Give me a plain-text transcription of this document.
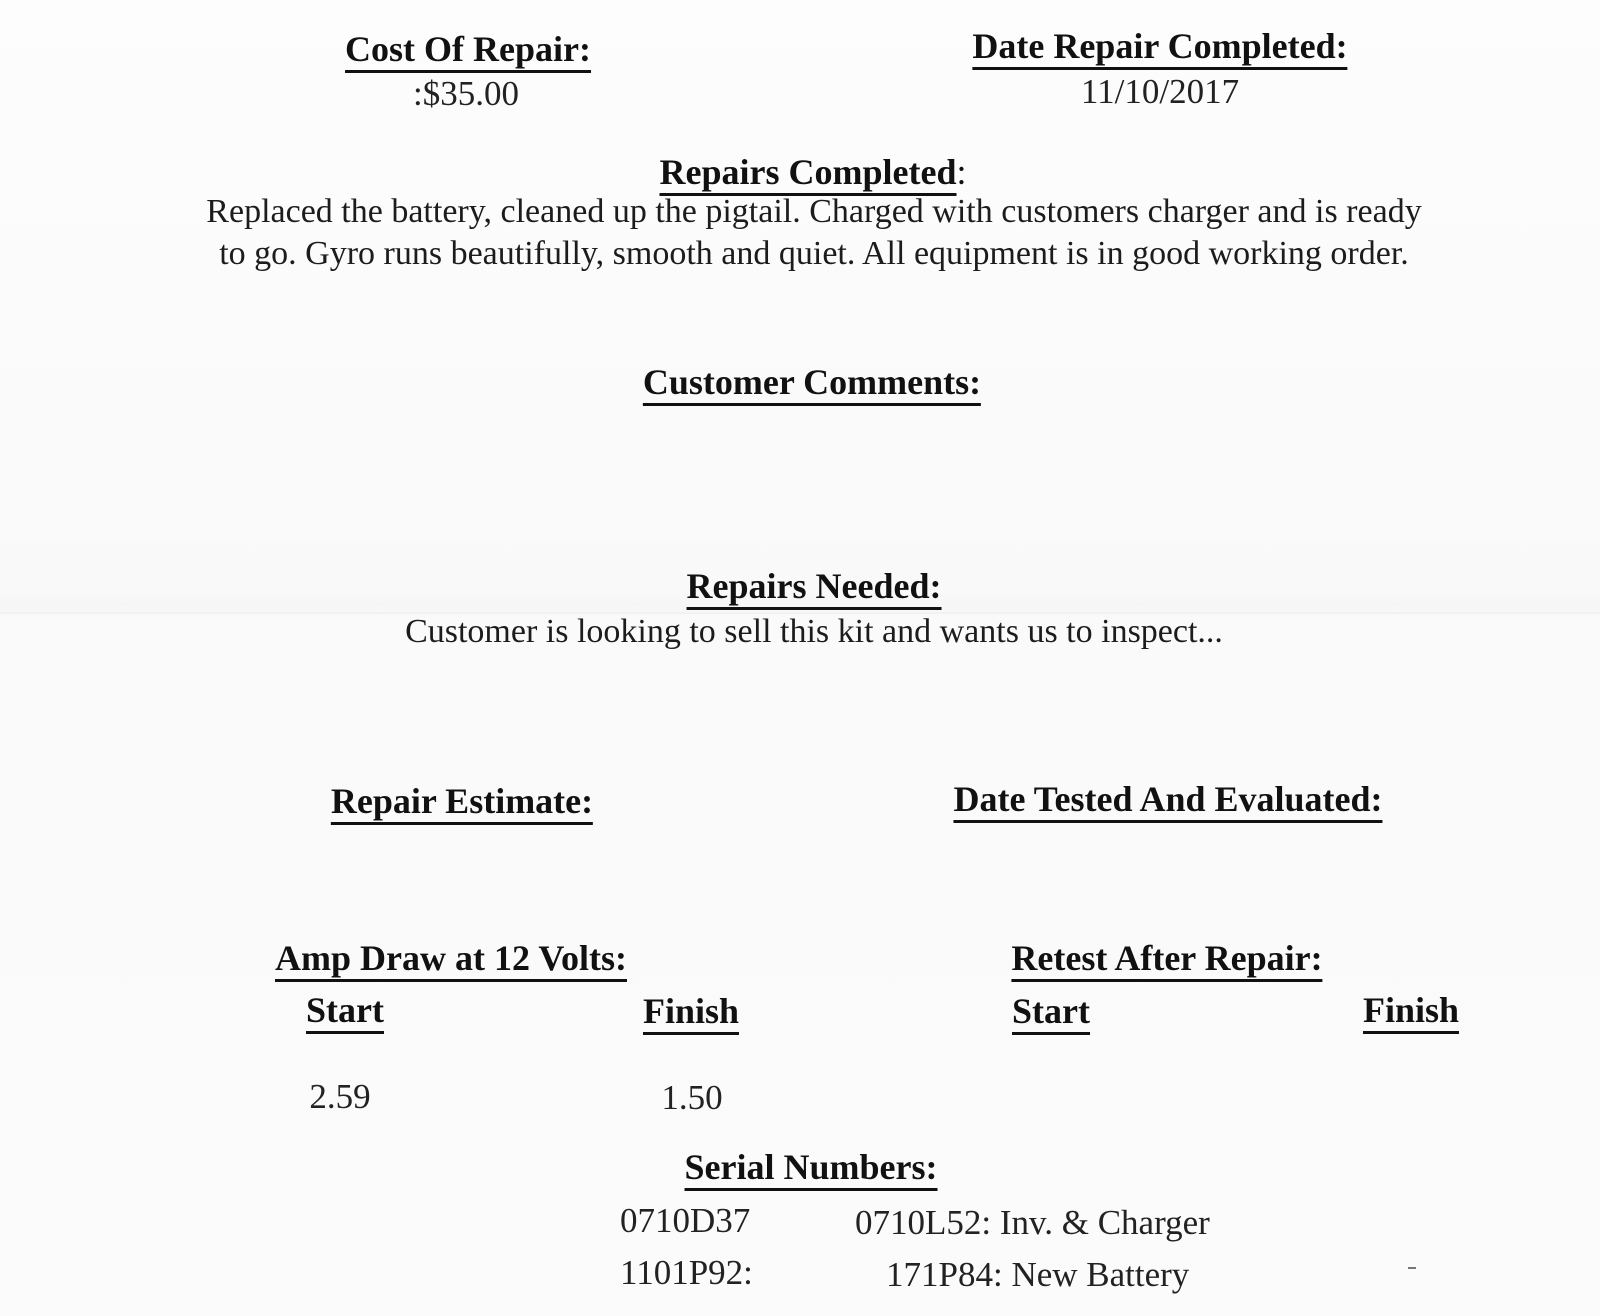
Cost Of Repair:
:$35.00
Date Repair Completed:
11/10/2017
Repairs Completed:
Replaced the battery, cleaned up the pigtail. Charged with customers charger and is ready
to go. Gyro runs beautifully, smooth and quiet. All equipment is in good working order.
Customer Comments:
Repairs Needed:
Customer is looking to sell this kit and wants us to inspect...
Repair Estimate:	Date Tested And Evaluated:
Amp Draw at 12 Volts:
Start	Finish
2.59	1.50
Retest After Repair:
Start	Finish
Serial Numbers:
0710D37	0710L52: Inv. & Charger
1101P92:	171P84: New Battery
